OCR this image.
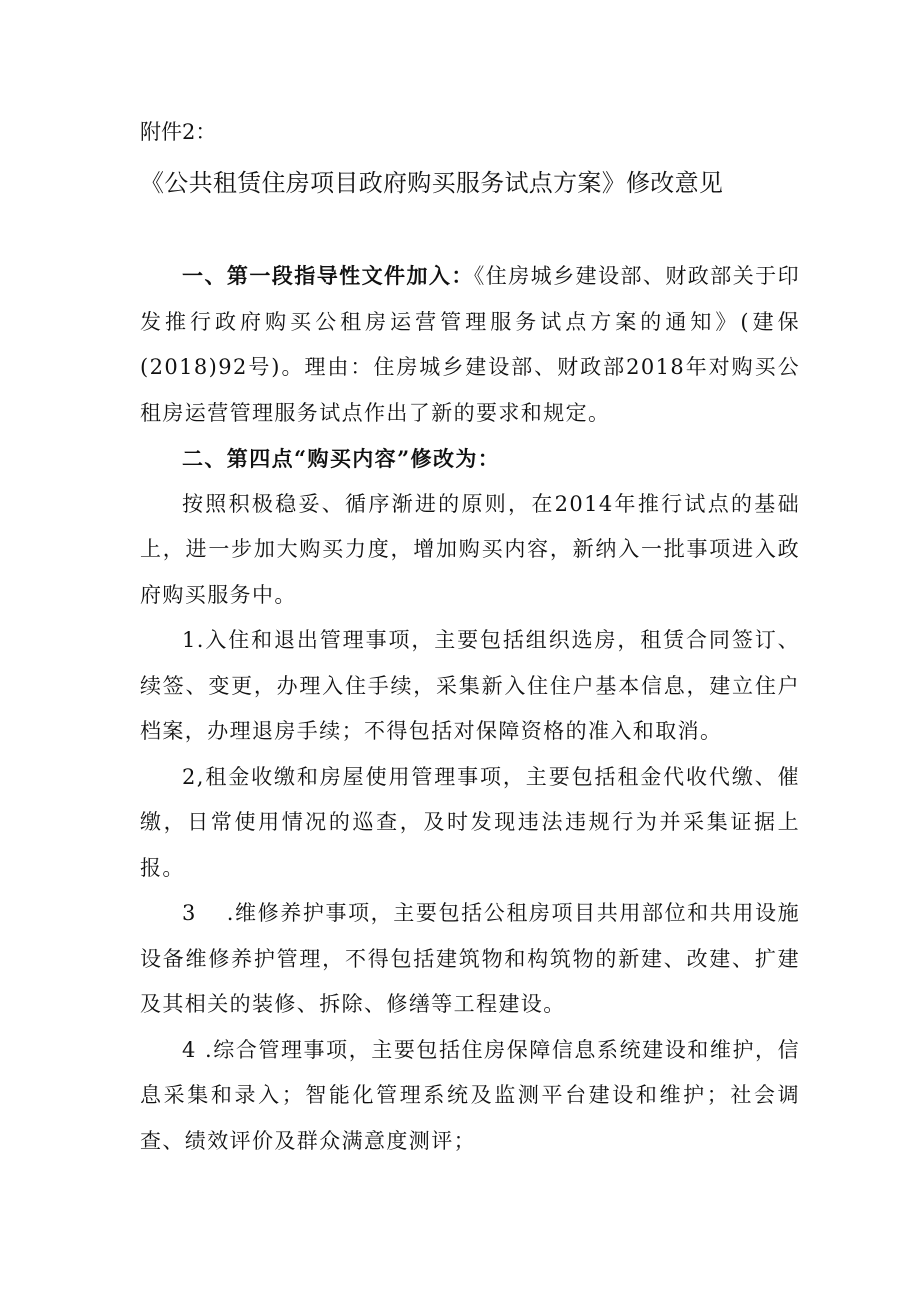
附件2：
《公共租赁住房项目政府购买服务试点方案》修改意见

一、第一段指导性文件加入：《住房城乡建设部、财政部关于印发推行政府购买公租房运营管理服务试点方案的通知》(建保(2018)92号)。理由：住房城乡建设部、财政部2018年对购买公租房运营管理服务试点作出了新的要求和规定。

二、第四点“购买内容”修改为：

按照积极稳妥、循序渐进的原则，在2014年推行试点的基础上，进一步加大购买力度，增加购买内容，新纳入一批事项进入政府购买服务中。

1.入住和退出管理事项，主要包括组织选房，租赁合同签订、续签、变更，办理入住手续，采集新入住住户基本信息，建立住户档案，办理退房手续；不得包括对保障资格的准入和取消。

2,租金收缴和房屋使用管理事项，主要包括租金代收代缴、催缴，日常使用情况的巡查，及时发现违法违规行为并采集证据上报。

3 .维修养护事项，主要包括公租房项目共用部位和共用设施设备维修养护管理，不得包括建筑物和构筑物的新建、改建、扩建及其相关的装修、拆除、修缮等工程建设。

4 .综合管理事项，主要包括住房保障信息系统建设和维护，信息采集和录入；智能化管理系统及监测平台建设和维护；社会调查、绩效评价及群众满意度测评；
